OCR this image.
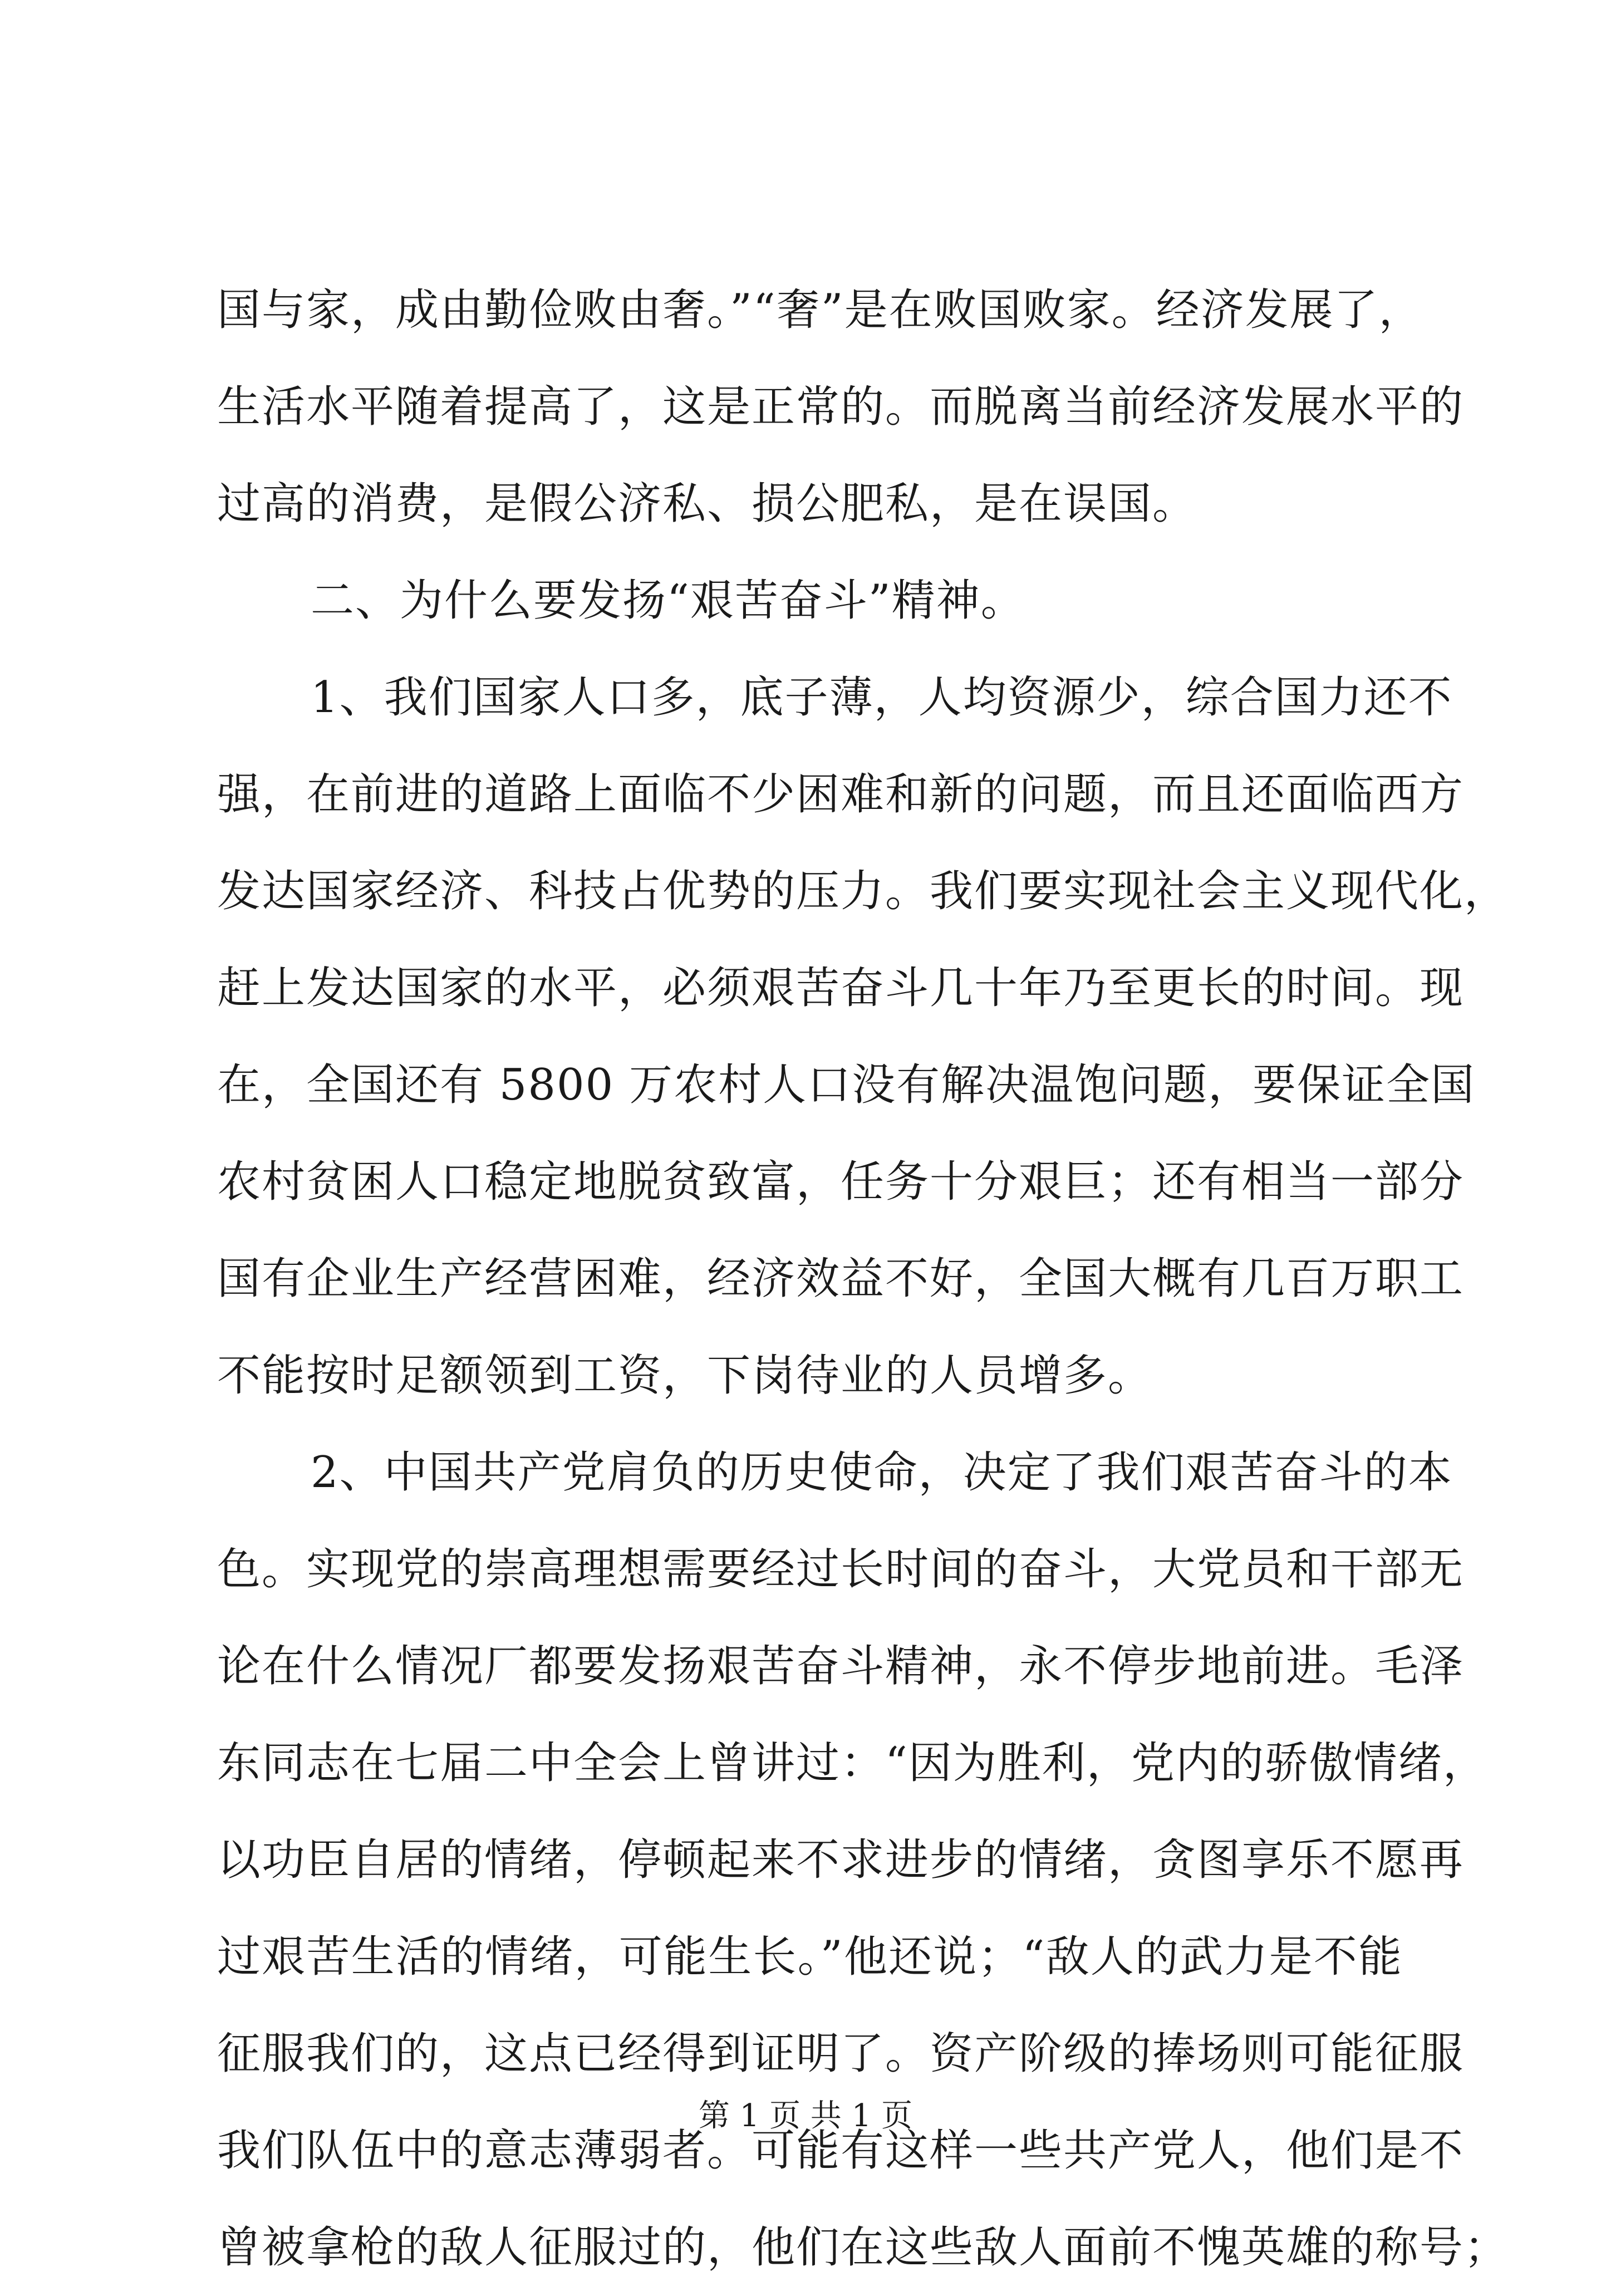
国与家，成由勤俭败由奢。”“奢”是在败国败家。经济发展了，
生活水平随着提高了，这是正常的。而脱离当前经济发展水平的
过高的消费，是假公济私、损公肥私，是在误国。
二、为什么要发扬“艰苦奋斗”精神。
1、我们国家人口多，底子薄，人均资源少，综合国力还不
强，在前进的道路上面临不少困难和新的问题，而且还面临西方
发达国家经济、科技占优势的压力。我们要实现社会主义现代化，
赶上发达国家的水平，必须艰苦奋斗几十年乃至更长的时间。现
在，全国还有 5800 万农村人口没有解决温饱问题，要保证全国
农村贫困人口稳定地脱贫致富，任务十分艰巨；还有相当一部分
国有企业生产经营困难，经济效益不好，全国大概有几百万职工
不能按时足额领到工资，下岗待业的人员增多。
2、中国共产党肩负的历史使命，决定了我们艰苦奋斗的本
色。实现党的崇高理想需要经过长时间的奋斗，大党员和干部无
论在什么情况厂都要发扬艰苦奋斗精神，永不停步地前进。毛泽
东同志在七届二中全会上曾讲过：“因为胜利，党内的骄傲情绪，
以功臣自居的情绪，停顿起来不求进步的情绪，贪图享乐不愿再
过艰苦生活的情绪，可能生长。”他还说；“敌人的武力是不能
征服我们的，这点已经得到证明了。资产阶级的捧场则可能征服
我们队伍中的意志薄弱者。可能有这样一些共产党人，他们是不
曾被拿枪的敌人征服过的，他们在这些敌人面前不愧英雄的称号；
第 1 页 共 1 页
